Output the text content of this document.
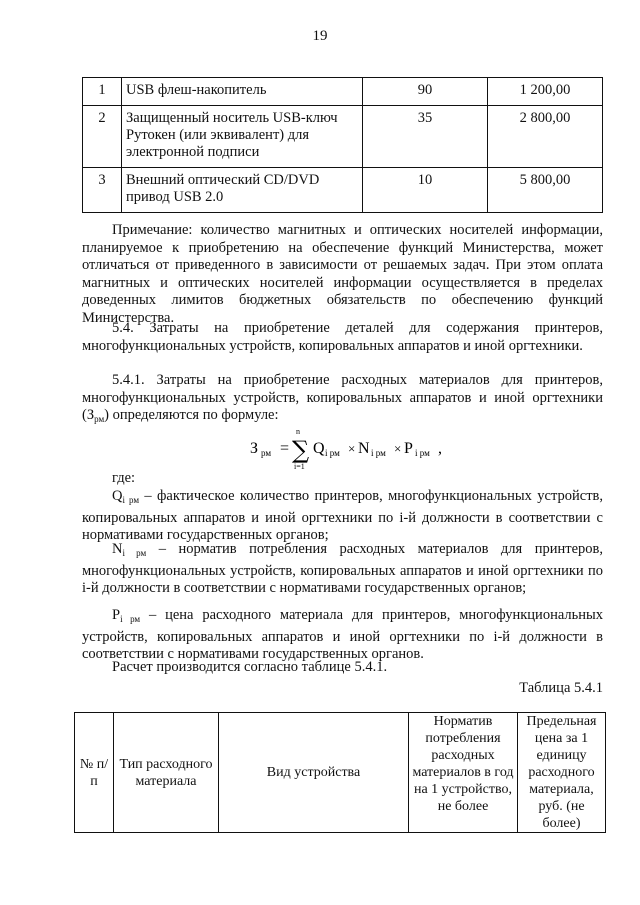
19
1	USB флеш-накопитель	90	1 200,00
2	Защищенный носитель USB-ключ Рутокен (или эквивалент) для электронной подписи	35	2 800,00
3	Внешний оптический CD/DVD привод USB 2.0	10	5 800,00

Примечание: количество магнитных и оптических носителей информации, планируемое к приобретению на обеспечение функций Министерства, может отличаться от приведенного в зависимости от решаемых задач. При этом оплата магнитных и оптических носителей информации осуществляется в пределах доведенных лимитов бюджетных обязательств по обеспечению функций Министерства.

5.4. Затраты на приобретение деталей для содержания принтеров, многофункциональных устройств, копировальных аппаратов и иной оргтехники.

5.4.1. Затраты на приобретение расходных материалов для принтеров, многофункциональных устройств, копировальных аппаратов и иной оргтехники $(З_{рм})$ определяются по формуле:

З рм = ∑
n
i=1
Q i рм × N i рм × P i рм ,
где:

$Q_{i рм}$ – фактическое количество принтеров, многофункциональных устройств, копировальных аппаратов и иной оргтехники по i-й должности в соответствии с нормативами государственных органов;

$N_{i рм}$ – норматив потребления расходных материалов для принтеров, многофункциональных устройств, копировальных аппаратов и иной оргтехники по i-й должности в соответствии с нормативами государственных органов;

$P_{i рм}$ – цена расходного материала для принтеров, многофункциональных устройств, копировальных аппаратов и иной оргтехники по i-й должности в соответствии с нормативами государственных органов.

Расчет производится согласно таблице 5.4.1.

Таблица 5.4.1
№ п/п	Тип расходного материала	Вид устройства	Норматив потребления расходных материалов в год на 1 устройство, не более	Предельная цена за 1 единицу расходного материала, руб. (не более)
